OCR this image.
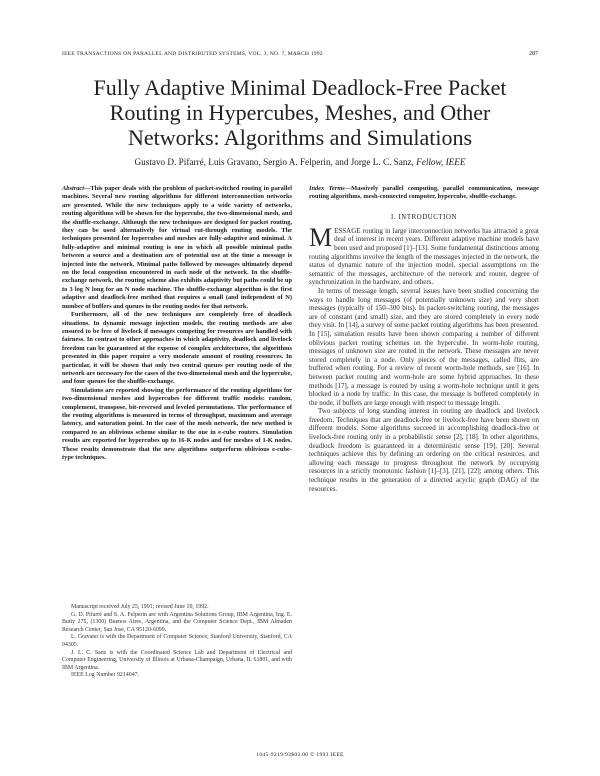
IEEE TRANSACTIONS ON PARALLEL AND DISTRIBUTED SYSTEMS, VOL. 3, NO. 7, MARCH 1992	287
Fully Adaptive Minimal Deadlock-Free Packet Routing in Hypercubes, Meshes, and Other Networks: Algorithms and Simulations
Gustavo D. Pifarré, Luis Gravano, Sergio A. Felperin, and Jorge L. C. Sanz, Fellow, IEEE

Abstract—This paper deals with the problem of packet-switched routing in parallel machines. Several new routing algorithms for different interconnection networks are presented. While the new techniques apply to a wide variety of networks, routing algorithms will be shown for the hypercube, the two-dimensional mesh, and the shuffle-exchange. Although the new techniques are designed for packet routing, they can be used alternatively for virtual cut-through routing models. The techniques presented for hypercubes and meshes are fully-adaptive and minimal. A fully-adaptive and minimal routing is one in which all possible minimal paths between a source and a destination are of potential use at the time a message is injected into the network. Minimal paths followed by messages ultimately depend on the local congestion encountered in each node of the network. In the shuffle-exchange network, the routing scheme also exhibits adaptivity but paths could be up to 3 log N long for an N node machine. The shuffle-exchange algorithm is the first adaptive and deadlock-free method that requires a small (and independent of N) number of buffers and queues in the routing nodes for that network.

Furthermore, all of the new techniques are completely free of deadlock situations. In dynamic message injection models, the routing methods are also ensured to be free of livelock if messages competing for resources are handled with fairness. In contrast to other approaches in which adaptivity, deadlock and livelock freedom can be guaranteed at the expense of complex architectures, the algorithms presented in this paper require a very moderate amount of routing resources. In particular, it will be shown that only two central queues per routing node of the network are necessary for the cases of the two-dimensional mesh and the hypercube, and four queues for the shuffle-exchange.

Simulations are reported showing the performance of the routing algorithms for two-dimensional meshes and hypercubes for different traffic models: random, complement, transpose, bit-reversed and leveled permutations. The performance of the routing algorithms is measured in terms of throughput, maximum and average latency, and saturation point. In the case of the mesh network, the new method is compared to an oblivious scheme similar to the one in e-cube routers. Simulation results are reported for hypercubes up to 16-K nodes and for meshes of 1-K nodes. These results demonstrate that the new algorithms outperform oblivious e-cube-type techniques.

Manuscript received July 25, 1991; revised June 10, 1992.

G. D. Pifarré and S. A. Felperin are with Argentina Solutions Group, IBM Argentina, Ing. E. Butty 275, (1300) Buenos Aires, Argentina, and the Computer Science Dept., IBM Almaden Research Center, San Jose, CA 95120-6099.

L. Gravano is with the Department of Computer Science, Stanford University, Stanford, CA 94305.

J. L. C. Sanz is with the Coordinated Science Lab and Department of Electrical and Computer Engineering, University of Illinois at Urbana-Champaign, Urbana, IL 61801, and with IBM Argentina.

IEEE Log Number 9214047.

Index Terms—Massively parallel computing, parallel communication, message routing algorithms, mesh-connected computer, hypercube, shuffle-exchange.

I. INTRODUCTION

MESSAGE routing in large interconnection networks has attracted a great deal of interest in recent years. Different adaptive machine models have been used and proposed [1]–[13]. Some fundamental distinctions among routing algorithms involve the length of the messages injected in the network, the status of dynamic nature of the injection model, special assumptions on the semantic of the messages, architecture of the network and router, degree of synchronization in the hardware, and others.

In terms of message length, several issues have been studied concerning the ways to handle long messages (of potentially unknown size) and very short messages (typically of 150–300 bits). In packet-switching routing, the messages are of constant (and small) size, and they are stored completely in every node they visit. In [14], a survey of some packet routing algorithms has been presented. In [15], simulation results have been shown comparing a number of different oblivious packet routing schemes on the hypercube. In worm-hole routing, messages of unknown size are routed in the network. These messages are never stored completely in a node. Only pieces of the messages, called flits, are buffered when routing. For a review of recent worm-hole methods, see [16]. In between packet routing and worm-hole are some hybrid approaches. In these methods [17], a message is routed by using a worm-hole technique until it gets blocked in a node by traffic. In this case, the message is buffered completely in the node, if buffers are large enough with respect to message length.

Two subjects of long standing interest in routing are deadlock and livelock freedom. Techniques that are deadlock-free or livelock-free have been shown on different models. Some algorithms succeed in accomplishing deadlock-free or livelock-free routing only in a probabilistic sense [2], [18]. In other algorithms, deadlock freedom is guaranteed in a deterministic sense [19], [20]. Several techniques achieve this by defining an ordering on the critical resources, and allowing each message to progress throughout the network by occupying resources in a strictly monotonic fashion [1]–[3], [21], [22]; among others. This technique results in the generation of a directed acyclic graph (DAG) of the resources.

1045-9219/93$03.00 © 1993 IEEE
